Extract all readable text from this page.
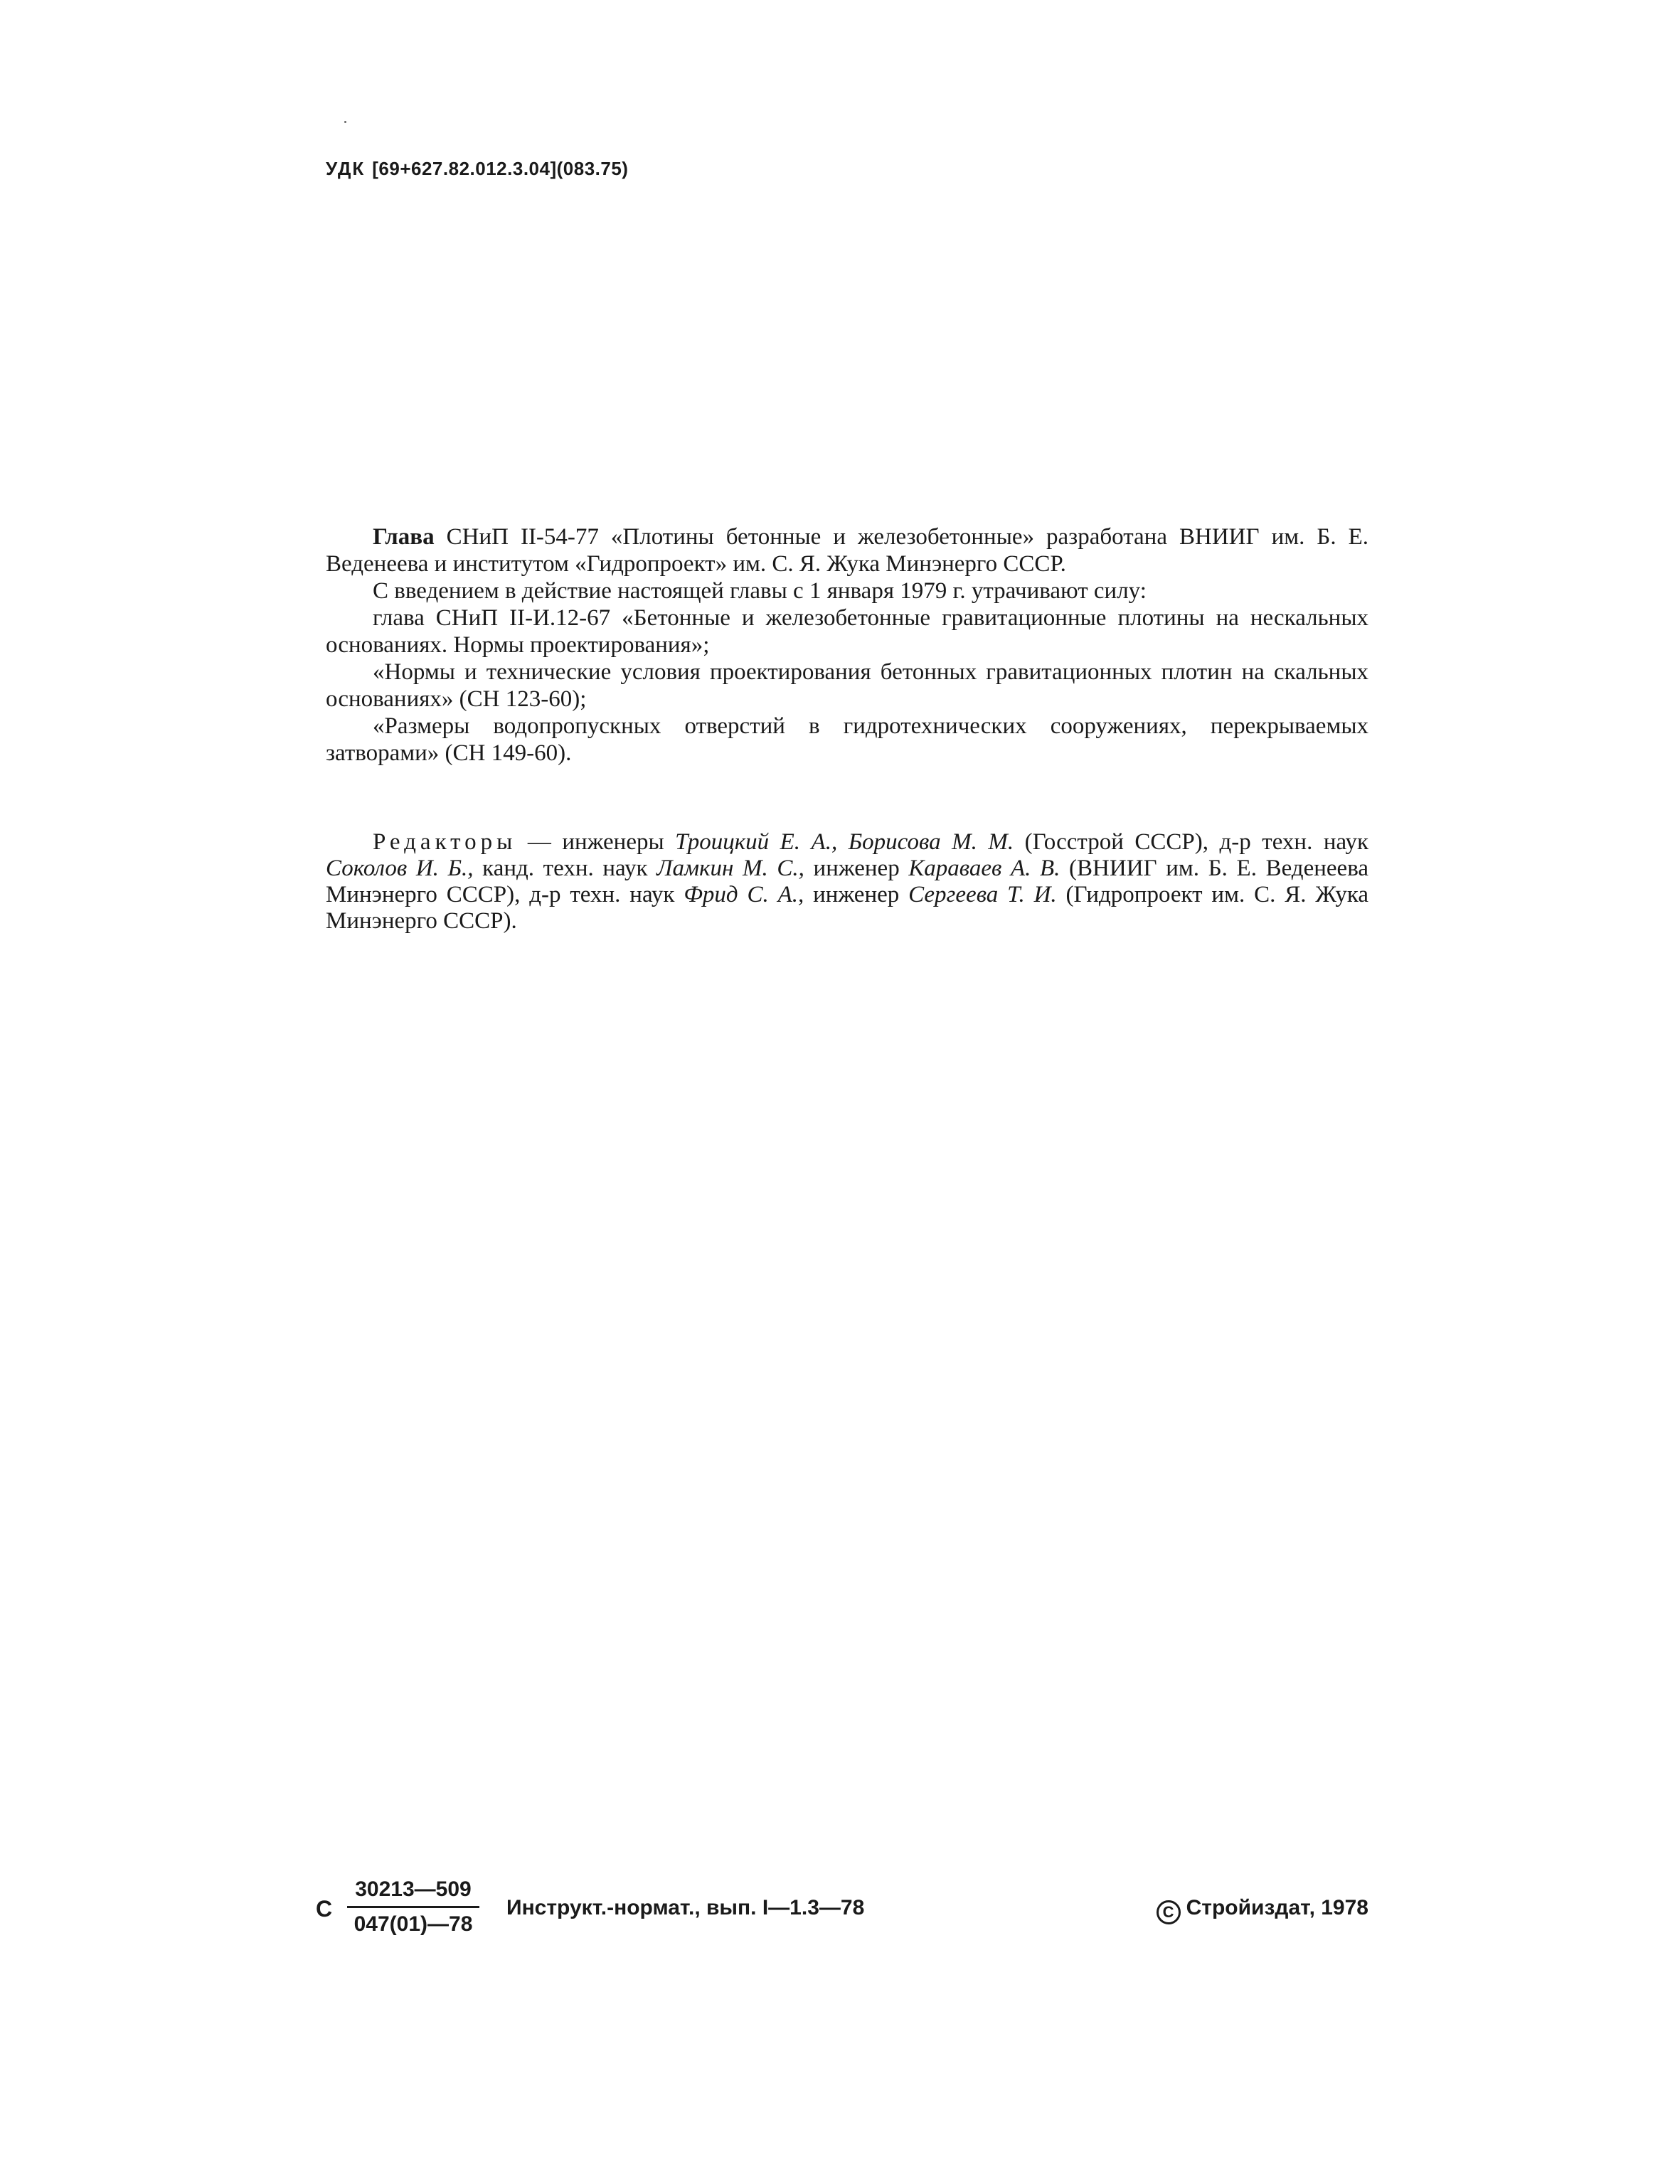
УДК [69+627.82.012.3.04](083.75)

Глава СНиП II-54-77 «Плотины бетонные и железобетонные» разработана ВНИИГ им. Б. Е. Веденеева и институтом «Гидропроект» им. С. Я. Жука Минэнерго СССР.

С введением в действие настоящей главы с 1 января 1979 г. утрачивают силу:

глава СНиП II-И.12-67 «Бетонные и железобетонные гравитационные плотины на нескальных основаниях. Нормы проектирования»;

«Нормы и технические условия проектирования бетонных гравитационных плотин на скальных основаниях» (СН 123-60);

«Размеры водопропускных отверстий в гидротехнических сооружениях, перекрываемых затворами» (СН 149-60).

Редакторы — инженеры Троицкий Е. А., Борисова М. М. (Госстрой СССР), д-р техн. наук Соколов И. Б., канд. техн. наук Ламкин М. С., инженер Караваев А. В. (ВНИИГ им. Б. Е. Веденеева Минэнерго СССР), д-р техн. наук Фрид С. А., инженер Сергеева Т. И. (Гидропроект им. С. Я. Жука Минэнерго СССР).

С
30213—509
047(01)—78
Инструкт.-нормат., вып. I—1.3—78	С Стройиздат, 1978
